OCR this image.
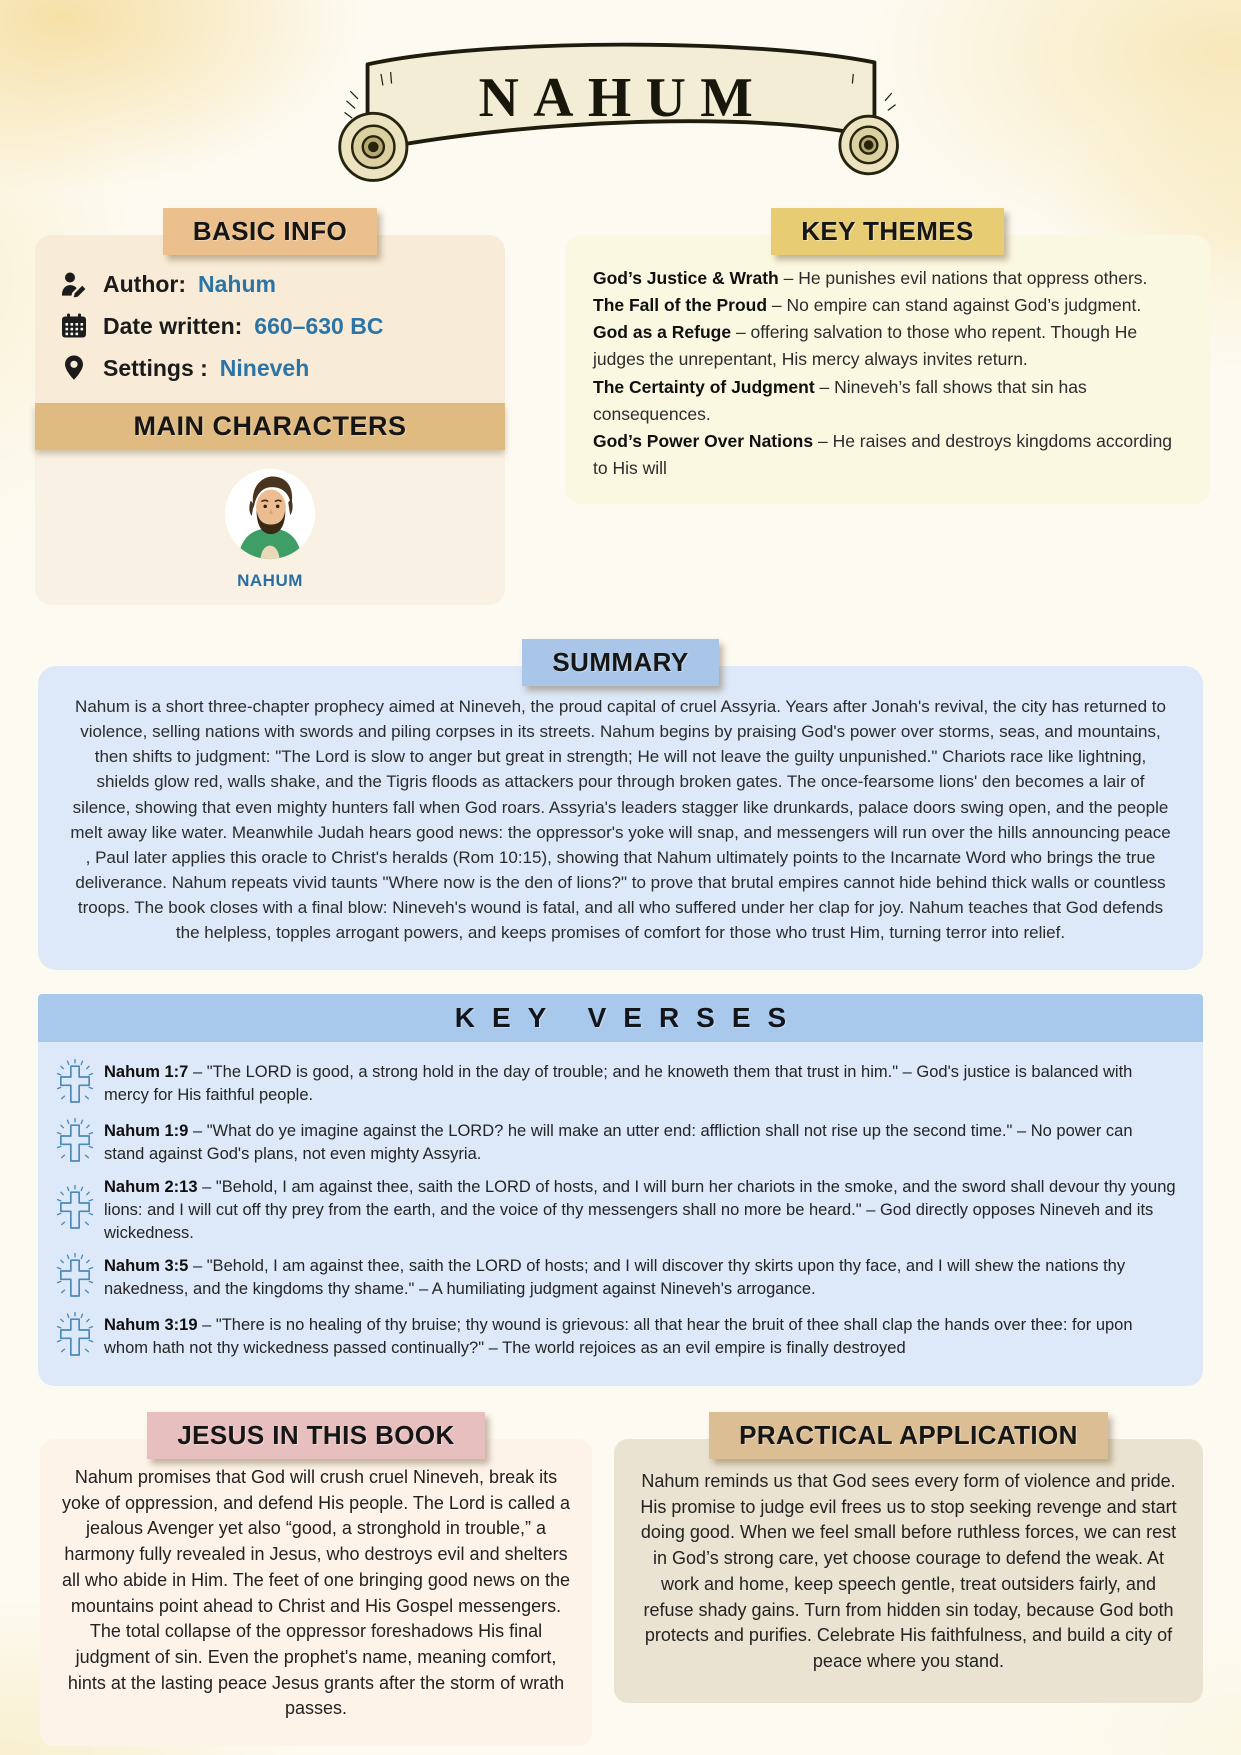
NAHUM
BASIC INFO
Author: Nahum
Date written: 660–630 BC
Settings : Nineveh
MAIN CHARACTERS
NAHUM
KEY THEMES

God’s Justice & Wrath – He punishes evil nations that oppress others.

The Fall of the Proud – No empire can stand against God’s judgment.

God as a Refuge – offering salvation to those who repent. Though He judges the unrepentant, His mercy always invites return.

The Certainty of Judgment – Nineveh’s fall shows that sin has consequences.

God’s Power Over Nations – He raises and destroys kingdoms according to His will

SUMMARY

Nahum is a short three-chapter prophecy aimed at Nineveh, the proud capital of cruel Assyria. Years after Jonah's revival, the city has returned to violence, selling nations with swords and piling corpses in its streets. Nahum begins by praising God's power over storms, seas, and mountains, then shifts to judgment: "The Lord is slow to anger but great in strength; He will not leave the guilty unpunished." Chariots race like lightning, shields glow red, walls shake, and the Tigris floods as attackers pour through broken gates. The once-fearsome lions' den becomes a lair of silence, showing that even mighty hunters fall when God roars. Assyria's leaders stagger like drunkards, palace doors swing open, and the people melt away like water. Meanwhile Judah hears good news: the oppressor's yoke will snap, and messengers will run over the hills announcing peace , Paul later applies this oracle to Christ's heralds (Rom 10:15), showing that Nahum ultimately points to the Incarnate Word who brings the true deliverance. Nahum repeats vivid taunts "Where now is the den of lions?" to prove that brutal empires cannot hide behind thick walls or countless troops. The book closes with a final blow: Nineveh's wound is fatal, and all who suffered under her clap for joy. Nahum teaches that God defends the helpless, topples arrogant powers, and keeps promises of comfort for those who trust Him, turning terror into relief.

KEY VERSES

Nahum 1:7 – "The LORD is good, a strong hold in the day of trouble; and he knoweth them that trust in him." – God's justice is balanced with mercy for His faithful people.

Nahum 1:9 – "What do ye imagine against the LORD? he will make an utter end: affliction shall not rise up the second time." – No power can stand against God's plans, not even mighty Assyria.

Nahum 2:13 – "Behold, I am against thee, saith the LORD of hosts, and I will burn her chariots in the smoke, and the sword shall devour thy young lions: and I will cut off thy prey from the earth, and the voice of thy messengers shall no more be heard." – God directly opposes Nineveh and its wickedness.

Nahum 3:5 – "Behold, I am against thee, saith the LORD of hosts; and I will discover thy skirts upon thy face, and I will shew the nations thy nakedness, and the kingdoms thy shame." – A humiliating judgment against Nineveh's arrogance.

Nahum 3:19 – "There is no healing of thy bruise; thy wound is grievous: all that hear the bruit of thee shall clap the hands over thee: for upon whom hath not thy wickedness passed continually?" – The world rejoices as an evil empire is finally destroyed

JESUS IN THIS BOOK

Nahum promises that God will crush cruel Nineveh, break its yoke of oppression, and defend His people. The Lord is called a jealous Avenger yet also “good, a stronghold in trouble,” a harmony fully revealed in Jesus, who destroys evil and shelters all who abide in Him. The feet of one bringing good news on the mountains point ahead to Christ and His Gospel messengers. The total collapse of the oppressor foreshadows His final judgment of sin. Even the prophet's name, meaning comfort, hints at the lasting peace Jesus grants after the storm of wrath passes.

PRACTICAL APPLICATION

Nahum reminds us that God sees every form of violence and pride. His promise to judge evil frees us to stop seeking revenge and start doing good. When we feel small before ruthless forces, we can rest in God’s strong care, yet choose courage to defend the weak. At work and home, keep speech gentle, treat outsiders fairly, and refuse shady gains. Turn from hidden sin today, because God both protects and purifies. Celebrate His faithfulness, and build a city of peace where you stand.
